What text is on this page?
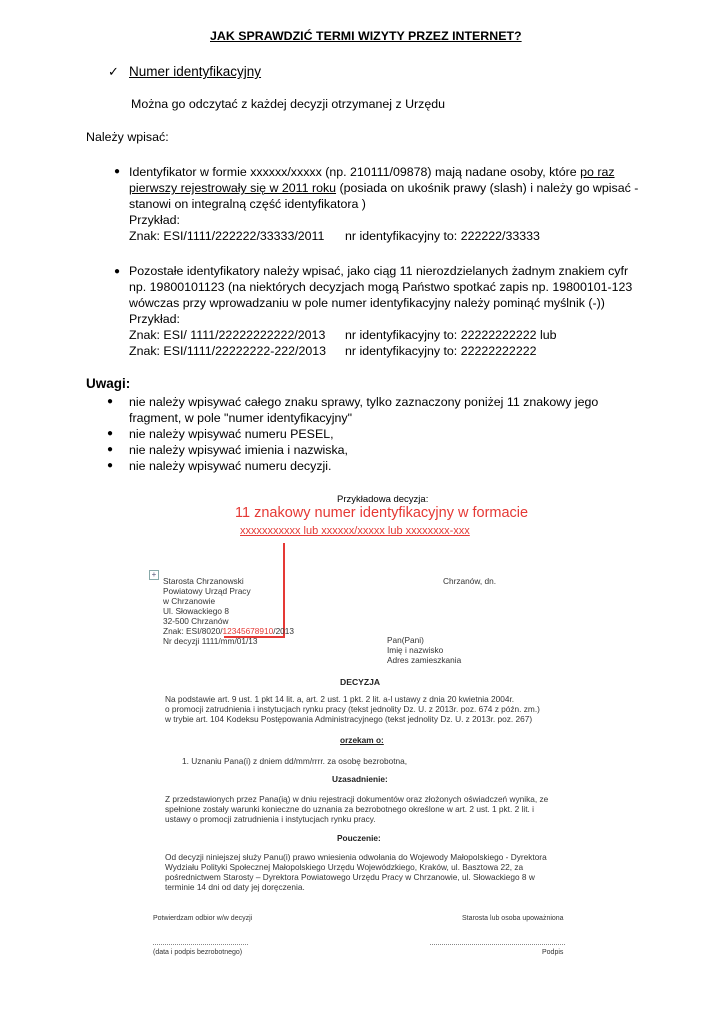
JAK SPRAWDZIĆ TERMI WIZYTY PRZEZ INTERNET?
✓ Numer identyfikacyjny
Można go odczytać z każdej decyzji otrzymanej z Urzędu
Należy wpisać:
● Identyfikator w formie xxxxxx/xxxxx (np. 210111/09878) mają nadane osoby, które po raz
pierwszy rejestrowały się w 2011 roku (posiada on ukośnik prawy (slash) i należy go wpisać -
stanowi on integralną część identyfikatora )
Przykład:
Znak: ESI/1111/222222/33333/2011 nr identyfikacyjny to: 222222/33333
● Pozostałe identyfikatory należy wpisać, jako ciąg 11 nierozdzielanych żadnym znakiem cyfr
np. 19800101123 (na niektórych decyzjach mogą Państwo spotkać zapis np. 19800101-123
wówczas przy wprowadzaniu w pole numer identyfikacyjny należy pominąć myślnik (-))
Przykład:
Znak: ESI/ 1111/22222222222/2013 nr identyfikacyjny to: 22222222222 lub
Znak: ESI/1111/22222222-222/2013 nr identyfikacyjny to: 22222222222
Uwagi:
● nie należy wpisywać całego znaku sprawy, tylko zaznaczony poniżej 11 znakowy jego
fragment, w pole "numer identyfikacyjny"
● nie należy wpisywać numeru PESEL,
● nie należy wpisywać imienia i nazwiska,
● nie należy wpisywać numeru decyzji.
Przykładowa decyzja:
11 znakowy numer identyfikacyjny w formacie
xxxxxxxxxxx lub xxxxxx/xxxxx lub xxxxxxxx-xxx
+
Starosta Chrzanowski
Powiatowy Urząd Pracy
w Chrzanowie
Ul. Słowackiego 8
32-500 Chrzanów
Znak: ESI/8020/12345678910/2013
Nr decyzji 1111/mm/01/13
Chrzanów, dn.
Pan(Pani)
Imię i nazwisko
Adres zamieszkania
DECYZJA
Na podstawie art. 9 ust. 1 pkt 14 lit. a, art. 2 ust. 1 pkt. 2 lit. a-l ustawy z dnia 20 kwietnia 2004r.
o promocji zatrudnienia i instytucjach rynku pracy (tekst jednolity Dz. U. z 2013r. poz. 674 z późn. zm.)
w trybie art. 104 Kodeksu Postępowania Administracyjnego (tekst jednolity Dz. U. z 2013r. poz. 267)
orzekam o:
1. Uznaniu Pana(i) z dniem dd/mm/rrrr. za osobę bezrobotna,
Uzasadnienie:
Z przedstawionych przez Pana(ią) w dniu rejestracji dokumentów oraz złożonych oświadczeń wynika, ze
spełnione zostały warunki konieczne do uznania za bezrobotnego określone w art. 2 ust. 1 pkt. 2 lit. i
ustawy o promocji zatrudnienia i instytucjach rynku pracy.
Pouczenie:
Od decyzji niniejszej służy Panu(i) prawo wniesienia odwołania do Wojewody Małopolskiego - Dyrektora
Wydziału Polityki Społecznej Małopolskiego Urzędu Wojewódzkiego, Kraków, ul. Basztowa 22, za
pośrednictwem Starosty – Dyrektora Powiatowego Urzędu Pracy w Chrzanowie, ul. Słowackiego 8 w
terminie 14 dni od daty jej doręczenia.
Potwierdzam odbior w/w decyzji	Starosta lub osoba upoważniona
(data i podpis bezrobotnego)	Podpis
